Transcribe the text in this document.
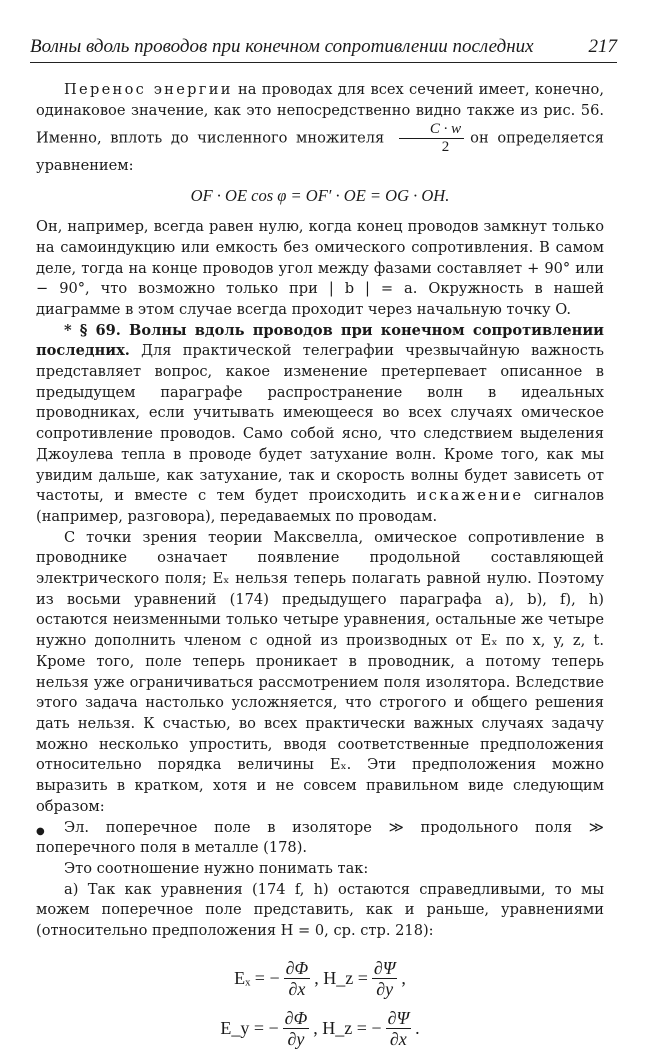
Волны вдоль проводов при конечном сопротивлении последних	217

Перенос энергии на проводах для всех сечений имеет, конечно, одинаковое значение, как это непосредственно видно также из рис. 56. Именно, вплоть до численного множителя $\frac{C \cdot w}{2}$ он определяется уравнением:

OF · OE cos φ = OF′ · OE = OG · OH.

Он, например, всегда равен нулю, когда конец проводов замкнут только на самоиндукцию или емкость без омического сопротивления. В самом деле, тогда на конце проводов угол между фазами составляет + 90° или − 90°, что возможно только при | b | = a. Окружность в нашей диаграмме в этом случае всегда проходит через начальную точку O.

* § 69. Волны вдоль проводов при конечном сопротивлении последних. Для практической телеграфии чрезвычайную важность представляет вопрос, какое изменение претерпевает описанное в предыдущем параграфе распространение волн в идеальных проводниках, если учитывать имеющееся во всех случаях омическое сопротивление проводов. Само собой ясно, что следствием выделения Джоулева тепла в проводе будет затухание волн. Кроме того, как мы увидим дальше, как затухание, так и скорость волны будет зависеть от частоты, и вместе с тем будет происходить искажение сигналов (например, разговора), передаваемых по проводам.

С точки зрения теории Максвелла, омическое сопротивление в проводнике означает появление продольной составляющей электрического поля; Eₓ нельзя теперь полагать равной нулю. Поэтому из восьми уравнений (174) предыдущего параграфа a), b), f), h) остаются неизменными только четыре уравнения, остальные же четыре нужно дополнить членом с одной из производных от Eₓ по x, y, z, t. Кроме того, поле теперь проникает в проводник, а потому теперь нельзя уже ограничиваться рассмотрением поля изолятора. Вследствие этого задача настолько усложняется, что строгого и общего решения дать нельзя. К счастью, во всех практически важных случаях задачу можно несколько упростить, вводя соответственные предположения относительно порядка величины Eₓ. Эти предположения можно выразить в кратком, хотя и не совсем правильном виде следующим образом:

● Эл. поперечное поле в изоляторе ≫ продольного поля ≫ поперечного поля в металле (178).

Это соотношение нужно понимать так:

a) Так как уравнения (174 f, h) остаются справедливыми, то мы можем поперечное поле представить, как и раньше, уравнениями (относительно предположения H = 0, ср. стр. 218):

Eₓ = − $\frac{\partial\Phi}{\partial x}$ , H_z = $\frac{\partial\Psi}{\partial y}$ ,
E_y = − $\frac{\partial\Phi}{\partial y}$ , H_z = − $\frac{\partial\Psi}{\partial x}$ .
